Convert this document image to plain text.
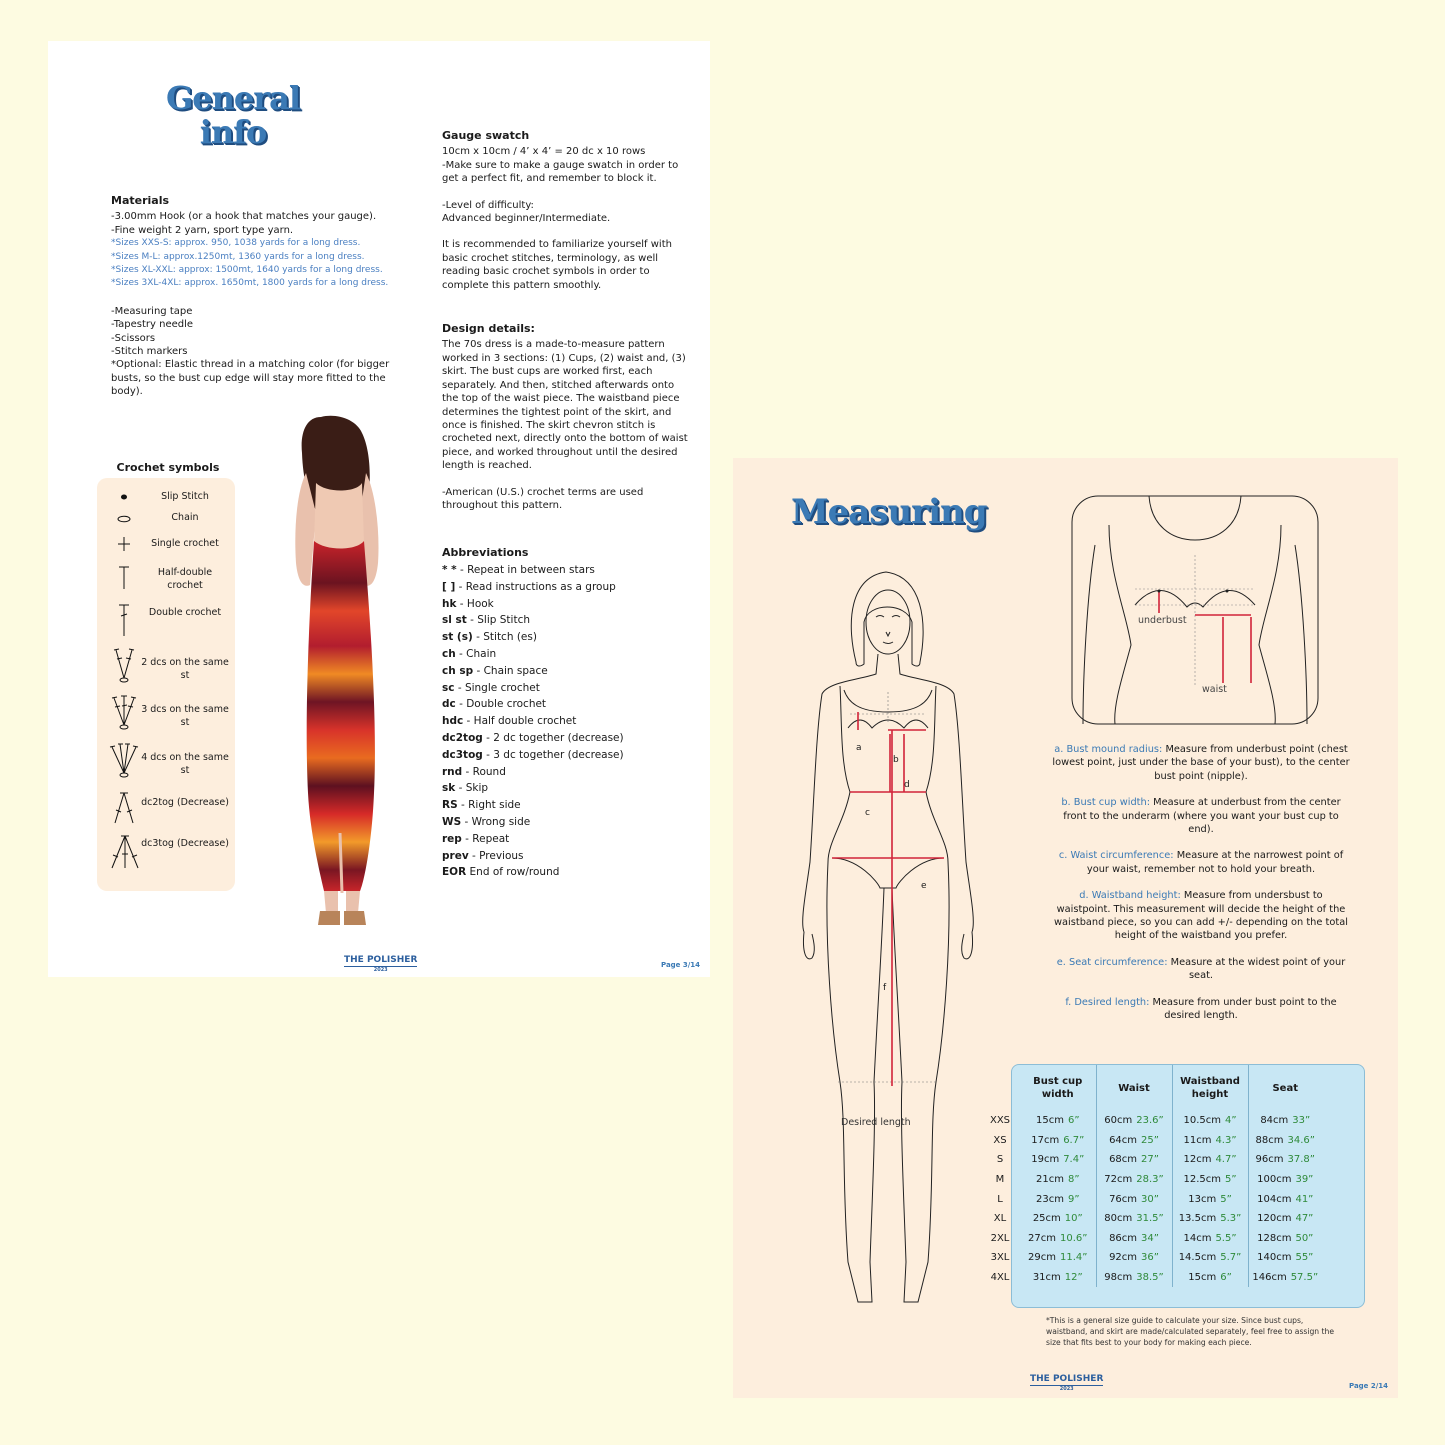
General
info
Materials
-3.00mm Hook (or a hook that matches your gauge).
-Fine weight 2 yarn, sport type yarn.
*Sizes XXS-S: approx. 950, 1038 yards for a long dress.
*Sizes M-L: approx.1250mt, 1360 yards for a long dress.
*Sizes XL-XXL: approx: 1500mt, 1640 yards for a long dress.
*Sizes 3XL-4XL: approx. 1650mt, 1800 yards for a long dress.
-Measuring tape
-Tapestry needle
-Scissors
-Stitch markers
*Optional: Elastic thread in a matching color (for bigger busts, so the bust cup edge will stay more fitted to the body).
Crochet symbols
Slip Stitch
Chain
Single crochet
Half-double crochet
Double crochet
2 dcs on the same st
3 dcs on the same st
4 dcs on the same st
dc2tog (Decrease)
dc3tog (Decrease)
Gauge swatch
10cm x 10cm / 4’ x 4’ = 20 dc x 10 rows
-Make sure to make a gauge swatch in order to get a perfect fit, and remember to block it.
-Level of difficulty:
Advanced beginner/Intermediate.
It is recommended to familiarize yourself with basic crochet stitches, terminology, as well reading basic crochet symbols in order to complete this pattern smoothly.
Design details:
The 70s dress is a made-to-measure pattern worked in 3 sections: (1) Cups, (2) waist and, (3) skirt. The bust cups are worked first, each separately. And then, stitched afterwards onto the top of the waist piece. The waistband piece determines the tightest point of the skirt, and once is finished. The skirt chevron stitch is crocheted next, directly onto the bottom of waist piece, and worked throughout until the desired length is reached.
-American (U.S.) crochet terms are used throughout this pattern.
Abbreviations
* * - Repeat in between stars
[ ] - Read instructions as a group
hk - Hook
sl st - Slip Stitch
st (s) - Stitch (es)
ch - Chain
ch sp - Chain space
sc - Single crochet
dc - Double crochet
hdc - Half double crochet
dc2tog - 2 dc together (decrease)
dc3tog - 3 dc together (decrease)
rnd - Round
sk - Skip
RS - Right side
WS - Wrong side
rep - Repeat
prev - Previous
EOR End of row/round
THE POLISHER
2023
Page 3/14
Measuring
a
b
c
d
e
f
Desired length
underbust
waist
a. Bust mound radius: Measure from underbust point (chest lowest point, just under the base of your bust), to the center bust point (nipple).
b. Bust cup width: Measure at underbust from the center front to the underarm (where you want your bust cup to end).
c. Waist circumference: Measure at the narrowest point of your waist, remember not to hold your breath.
d. Waistband height: Measure from undersbust to waistpoint. This measurement will decide the height of the waistband piece, so you can add +/- depending on the total height of the waistband you prefer.
e. Seat circumference: Measure at the widest point of your seat.
f. Desired length: Measure from under bust point to the desired length.
	Bust cup width	Waist	Waistband height	Seat
XXS	15cm 6”	60cm 23.6”	10.5cm 4”	84cm 33”
XS	17cm 6.7”	64cm 25”	11cm 4.3”	88cm 34.6”
S	19cm 7.4”	68cm 27”	12cm 4.7”	96cm 37.8”
M	21cm 8”	72cm 28.3”	12.5cm 5”	100cm 39”
L	23cm 9”	76cm 30”	13cm 5”	104cm 41”
XL	25cm 10”	80cm 31.5”	13.5cm 5.3”	120cm 47”
2XL	27cm 10.6”	86cm 34”	14cm 5.5”	128cm 50”
3XL	29cm 11.4”	92cm 36”	14.5cm 5.7”	140cm 55”
4XL	31cm 12”	98cm 38.5”	15cm 6”	146cm 57.5”
*This is a general size guide to calculate your size. Since bust cups, waistband, and skirt are made/calculated separately, feel free to assign the size that fits best to your body for making each piece.
THE POLISHER
2023	Page 2/14
